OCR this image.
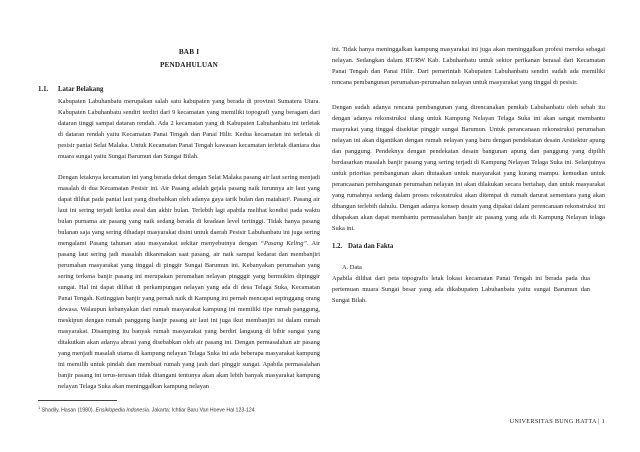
BAB I
PENDAHULUAN
1.1. Latar Belakang

Kabupaten Labuhanbatu merupakan salah satu kabupaten yang berada di provinsi Sumatera Utara. Kabupaten Labuhanbatu sendiri terdiri dari 9 kecamatan yang memiliki topografi yang beragam dari dataran tinggi sampai dataran rendah. Ada 2 kecamatan yang di Kabupaten Labuhanbatu ini terletak di dataran rendah yaitu Kecamatan Panai Tengah dan Panai Hilir. Kedua kecamatan ini terletak di pesisir pantai Selat Malaka. Untuk Kecamatan Panai Tengah kawasan kecamatan terletak diantara dua muara sungai yaitu Sungai Barumun dan Sungai Bilah.

Dengan letaknya kecamatan ini yang berada dekat dengan Selat Malaka pasang air laut sering menjadi masalah di dua Kecamatan Pesisir ini. Air Pasang adalah gejala pasang naik turunnya air laut yang dapat dilihat pada pantai laut yang disebabkan oleh adanya gaya tarik bulan dan matahari¹. Pasang air laut ini sering terjadi ketika awal dan akhir bulan. Terlebih lagi apabila melihat kondisi pada waktu bulan purnama air pasang yang naik sedang berada di keadaan level tertinggi. Tidak hanya pasang bulanan saja yang sering dihadapi masyarakat disini untuk daerah Pesisir Labuhanbatu ini juga sering mengalami Pasang tahunan atau masyarakat sekitar menyebutnya dengan “Pasang Keling”. Air pasang laut sering jadi masalah dikarenakan saat pasang, air naik sampai kedarat dan membanjiri perumahan masyarakat yang tinggal di pinggir Sungai Barumun ini. Kebanyakan perumahan yang sering terkena banjir pasang ini merupakan perumahan nelayan pingggir yang bermukim dipinggir sungai. Hal ini dapat dilihat di perkampungan nelayan yang ada di desa Telaga Suka, Kecamatan Panai Tengah. Ketinggian banjir yang pernah naik di Kampung ini pernah mencapai sepinggang orang dewasa. Walaupun kebanyakan dari rumah masyarakat kampung ini memiliki tipe rumah panggung, meskipun dengan rumah panggung banjir pasang air laut ini juga ikut membanjiri isi dalam rumah masyarakat. Disamping itu banyak rumah masyarakat yang berdiri langsung di bibir sungai yang ditakutkan akan adanya abrasi yang disebabkan oleh air pasang ini. Dengan permasalahan air pasang yang menjadi masalah utama di kampung nelayan Telaga Suka ini ada beberapa masyarakat kampung ini memilih untuk pindah dan membuat rumah yang jauh dari pinggir sungai. Apabila permasalahan banjir pasang ini terus-terusan tidak ditangani tentunya akan akan lebih banyak masyarakat kampung nelayan Telaga Suka akan meninggalkan kampung nelayan

$^1$ Shadily, Hasan (1980). Ensiklopedia Indonesia. Jakarta: Ichtiar Baru Van Hoeve Hal 123-124

ini. Tidak hanya meninggalkan kampung masyarakat ini juga akan meninggalkan profesi mereka sebagai nelayan. Sedangkan dalam RT/RW Kab. Labuhanbatu untuk sektor perikanan berasal dari Kecamatan Panai Tengah dan Panai Hilir. Dari pemerintah Kabupaten Labuhanbatu sendiri sudah ada memiliki rencana pembangunan perumahan-perumahan nelayan untuk masyarakat yang tinggal di pesisir.

Dengan sudah adanya rencana pembangunan yang direncanakan pemkab Labuhanbatu oleh sebab itu dengan adanya rekonstruksi ulang untuk Kampung Nelayan Telaga Suka ini akan sangat membantu masyrakat yang tinggal disekitar pinggir sungai Barumun. Untuk perancanaan rekonstruksi perumahan nelayan ini akan digantikan dengan rumah nelayan yang baru dengan pendekatan desain Arsitektur apung dan panggung. Pendeknya dengan pendekatan desain bangunan apung dan panggung yang dipilih berdasarkan masalah banjir pasang yang sering terjadi di Kampung Nelayan Telaga Suka ini. Selanjutnya untuk prioritas pembangunan akan diutaakan untuk masyarakat yang kurang mampu. kemudian untuk perancaanan pembangunan perumahan nelayan ini akan dilakukan secara bertahap, dan untuk masyarakat yang rumahnya sedang dalam proses rekonstruksi akan ditempat di rumah darurat sementara yang akan dibangun terlebih dahulu. Dengan adanya konsep desain yang dipakai dalam perencanaan rekonstruksi ini dihapakan akan dapat membantu permasalahan banjir air pasang yang ada di Kampung Nelayan telaga Suka ini.

1.2. Data dan Fakta
A. Data

Apabila dilihat dari peta topografis letak lokasi kecamatan Panai Tengah ini berada pada dua pertemuan muara Sungai besar yang ada dikabupaten Labuhanbatu yaitu sungai Barumun dan Sungai Bilah.

UNIVERSITAS BUNG HATTA | 1
